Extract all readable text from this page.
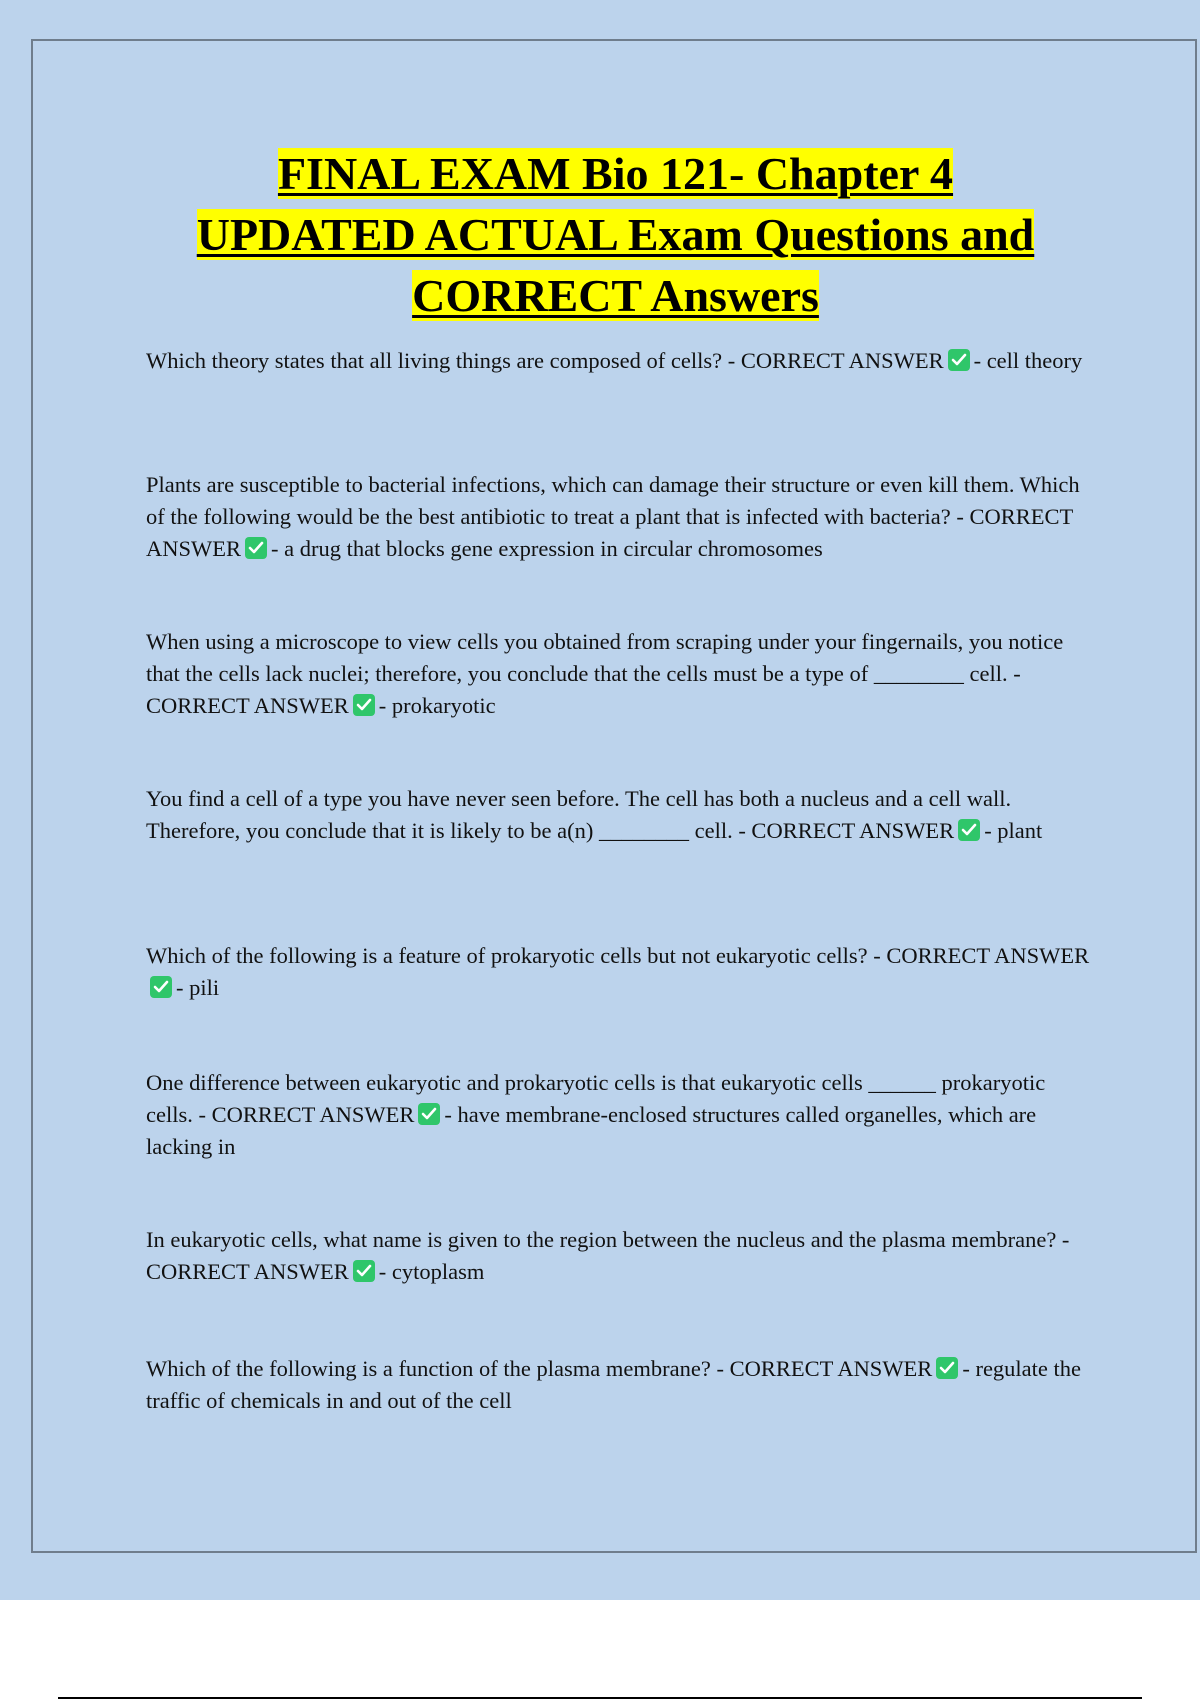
FINAL EXAM Bio 121- Chapter 4
UPDATED ACTUAL Exam Questions and
CORRECT Answers

Which theory states that all living things are composed of cells? - CORRECT ANSWER - cell theory

Plants are susceptible to bacterial infections, which can damage their structure or even kill them. Which of the following would be the best antibiotic to treat a plant that is infected with bacteria? - CORRECT ANSWER - a drug that blocks gene expression in circular chromosomes

When using a microscope to view cells you obtained from scraping under your fingernails, you notice that the cells lack nuclei; therefore, you conclude that the cells must be a type of ________ cell. - CORRECT ANSWER - prokaryotic

You find a cell of a type you have never seen before. The cell has both a nucleus and a cell wall. Therefore, you conclude that it is likely to be a(n) ________ cell. - CORRECT ANSWER - plant

Which of the following is a feature of prokaryotic cells but not eukaryotic cells? - CORRECT ANSWER
- pili

One difference between eukaryotic and prokaryotic cells is that eukaryotic cells ______ prokaryotic cells. - CORRECT ANSWER - have membrane-enclosed structures called organelles, which are lacking in

In eukaryotic cells, what name is given to the region between the nucleus and the plasma membrane? - CORRECT ANSWER - cytoplasm

Which of the following is a function of the plasma membrane? - CORRECT ANSWER - regulate the traffic of chemicals in and out of the cell
